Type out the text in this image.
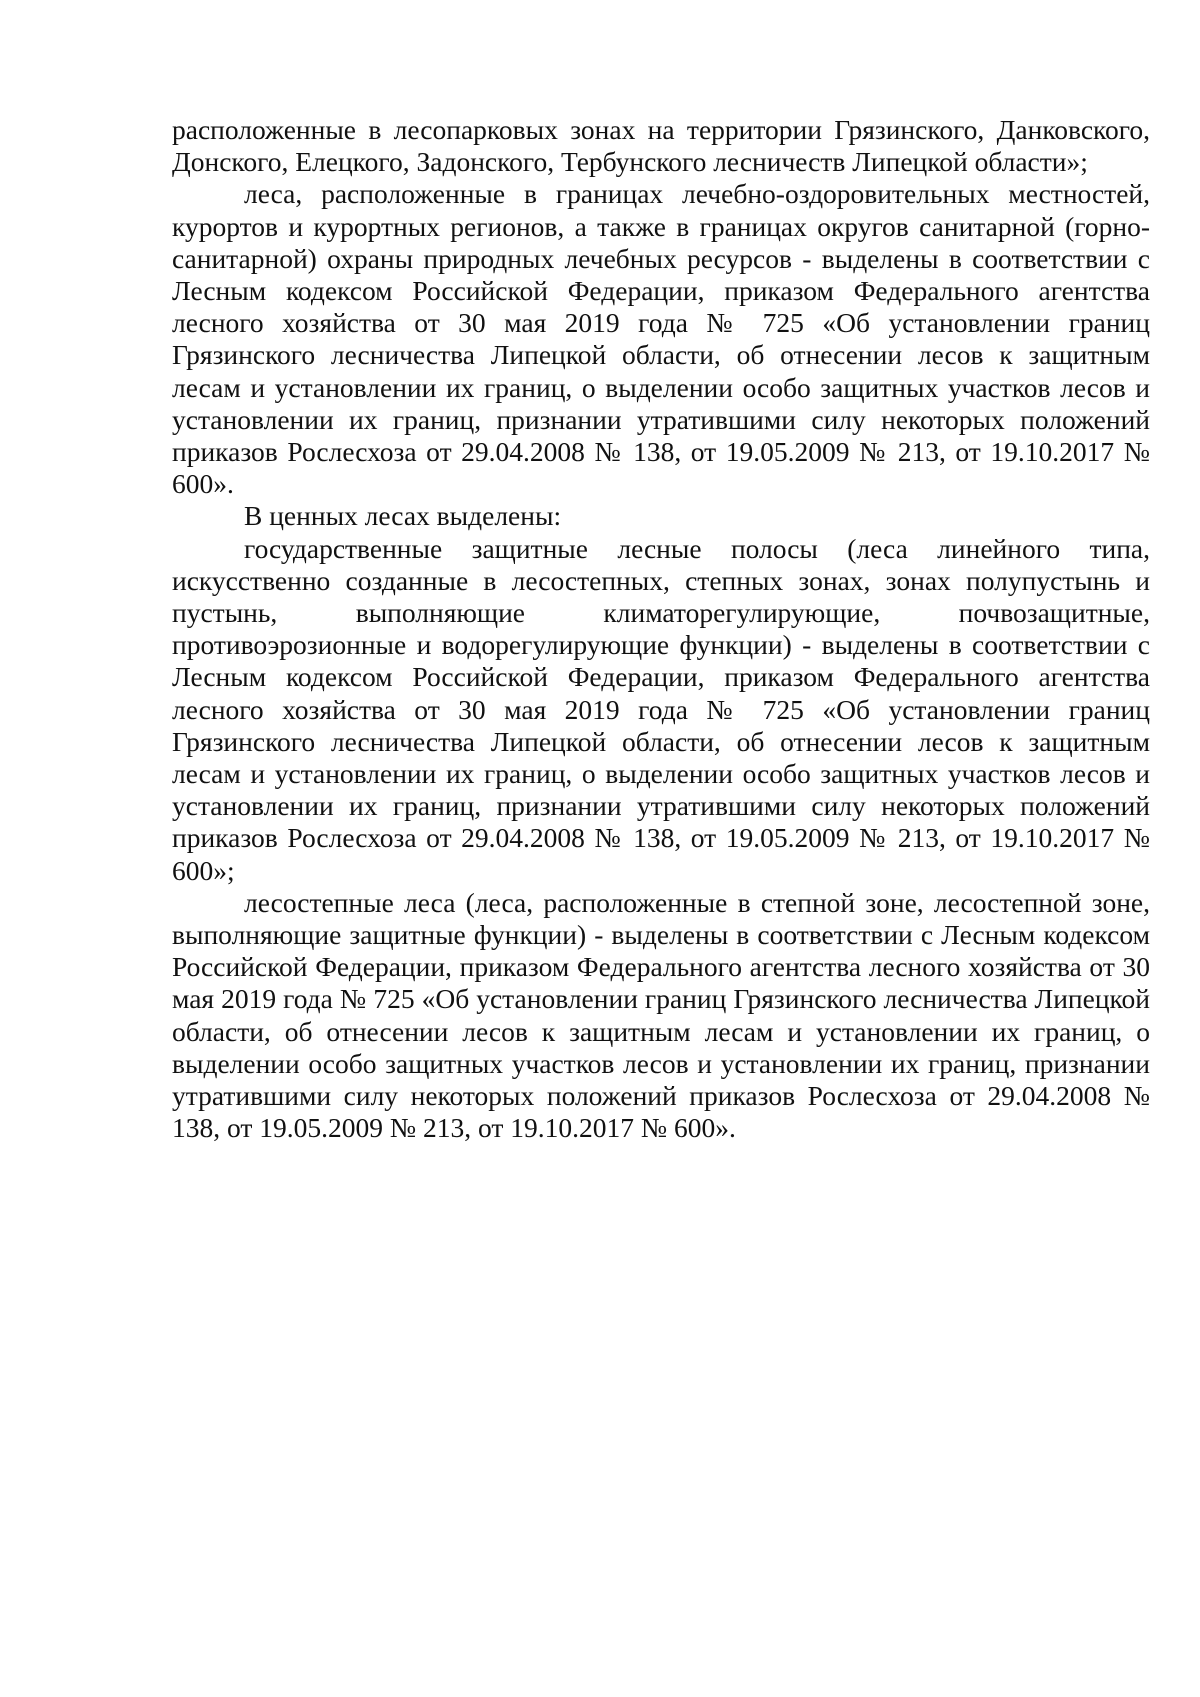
расположенные в лесопарковых зонах на территории Грязинского, Данковского, Донского, Елецкого, Задонского, Тербунского лесничеств Липецкой области»;

леса, расположенные в границах лечебно-оздоровительных местностей, курортов и курортных регионов, а также в границах округов санитарной (горно-санитарной) охраны природных лечебных ресурсов - выделены в соответствии с Лесным кодексом Российской Федерации, приказом Федерального агентства лесного хозяйства от 30 мая 2019 года № 725 «Об установлении границ Грязинского лесничества Липецкой области, об отнесении лесов к защитным лесам и установлении их границ, о выделении особо защитных участков лесов и установлении их границ, признании утратившими силу некоторых положений приказов Рослесхоза от 29.04.2008 № 138, от 19.05.2009 № 213, от 19.10.2017 № 600».

В ценных лесах выделены:

государственные защитные лесные полосы (леса линейного типа, искусственно созданные в лесостепных, степных зонах, зонах полупустынь и пустынь, выполняющие климаторегулирующие, почвозащитные, противоэрозионные и водорегулирующие функции) - выделены в соответствии с Лесным кодексом Российской Федерации, приказом Федерального агентства лесного хозяйства от 30 мая 2019 года № 725 «Об установлении границ Грязинского лесничества Липецкой области, об отнесении лесов к защитным лесам и установлении их границ, о выделении особо защитных участков лесов и установлении их границ, признании утратившими силу некоторых положений приказов Рослесхоза от 29.04.2008 № 138, от 19.05.2009 № 213, от 19.10.2017 № 600»;

лесостепные леса (леса, расположенные в степной зоне, лесостепной зоне, выполняющие защитные функции) - выделены в соответствии с Лесным кодексом Российской Федерации, приказом Федерального агентства лесного хозяйства от 30 мая 2019 года № 725 «Об установлении границ Грязинского лесничества Липецкой области, об отнесении лесов к защитным лесам и установлении их границ, о выделении особо защитных участков лесов и установлении их границ, признании утратившими силу некоторых положений приказов Рослесхоза от 29.04.2008 № 138, от 19.05.2009 № 213, от 19.10.2017 № 600».
